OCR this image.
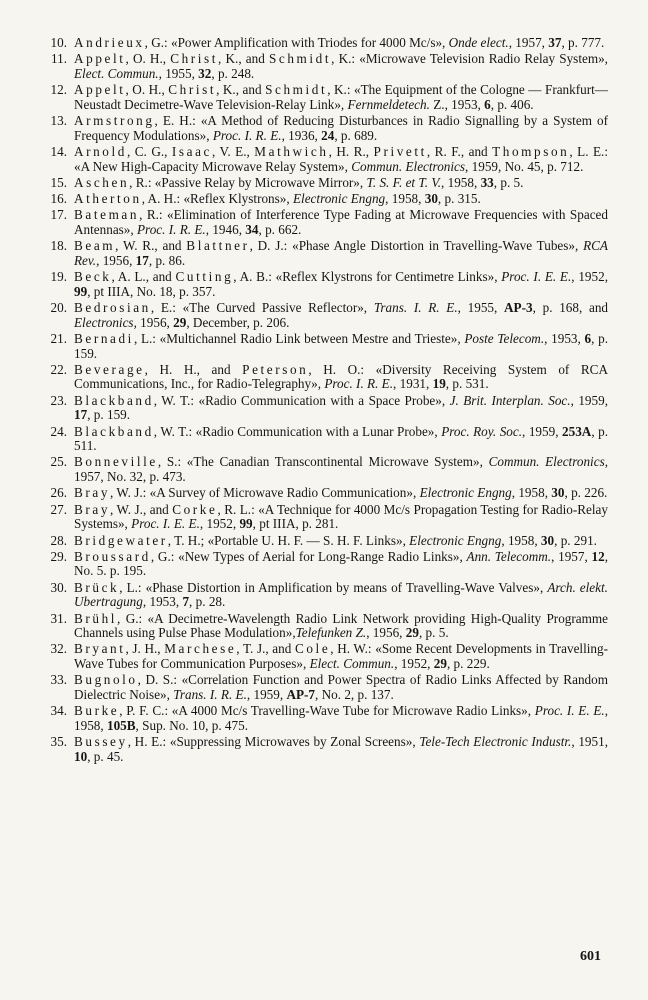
10. Andrieux, G.: «Power Amplification with Triodes for 4000 Mc/s», Onde elect., 1957, 37, p. 777.
11. Appelt, O. H., Christ, K., and Schmidt, K.: «Microwave Television Radio Relay System», Elect. Commun., 1955, 32, p. 248.
12. Appelt, O. H., Christ, K., and Schmidt, K.: «The Equipment of the Cologne — Frankfurt— Neustadt Decimetre-Wave Television-Relay Link», Fernmeldetech. Z., 1953, 6, p. 406.
13. Armstrong, E. H.: «A Method of Reducing Disturbances in Radio Signalling by a System of Frequency Modulations», Proc. I. R. E., 1936, 24, p. 689.
14. Arnold, C. G., Isaac, V. E., Mathwich, H. R., Privett, R. F., and Thompson, L. E.: «A New High-Capacity Microwave Relay System», Commun. Electronics, 1959, No. 45, p. 712.
15. Aschen, R.: «Passive Relay by Microwave Mirror», T. S. F. et T. V., 1958, 33, p. 5.
16. Atherton, A. H.: «Reflex Klystrons», Electronic Engng, 1958, 30, p. 315.
17. Bateman, R.: «Elimination of Interference Type Fading at Microwave Frequencies with Spaced Antennas», Proc. I. R. E., 1946, 34, p. 662.
18. Beam, W. R., and Blattner, D. J.: «Phase Angle Distortion in Travelling-Wave Tubes», RCA Rev., 1956, 17, p. 86.
19. Beck, A. L., and Cutting, A. B.: «Reflex Klystrons for Centimetre Links», Proc. I. E. E., 1952, 99, pt IIIA, No. 18, p. 357.
20. Bedrosian, E.: «The Curved Passive Reflector», Trans. I. R. E., 1955, AP-3, p. 168, and Electronics, 1956, 29, December, p. 206.
21. Bernadi, L.: «Multichannel Radio Link between Mestre and Trieste», Poste Telecom., 1953, 6, p. 159.
22. Beverage, H. H., and Peterson, H. O.: «Diversity Receiving System of RCA Communications, Inc., for Radio-Telegraphy», Proc. I. R. E., 1931, 19, p. 531.
23. Blackband, W. T.: «Radio Communication with a Space Probe», J. Brit. Interplan. Soc., 1959, 17, p. 159.
24. Blackband, W. T.: «Radio Communication with a Lunar Probe», Proc. Roy. Soc., 1959, 253A, p. 511.
25. Bonneville, S.: «The Canadian Transcontinental Microwave System», Commun. Electronics, 1957, No. 32, p. 473.
26. Bray, W. J.: «A Survey of Microwave Radio Communication», Electronic Engng, 1958, 30, p. 226.
27. Bray, W. J., and Corke, R. L.: «A Technique for 4000 Mc/s Propagation Testing for Radio-Relay Systems», Proc. I. E. E., 1952, 99, pt IIIA, p. 281.
28. Bridgewater, T. H.; «Portable U. H. F. — S. H. F. Links», Electronic Engng, 1958, 30, p. 291.
29. Broussard, G.: «New Types of Aerial for Long-Range Radio Links», Ann. Telecomm., 1957, 12, No. 5. p. 195.
30. Brück, L.: «Phase Distortion in Amplification by means of Travelling-Wave Valves», Arch. elekt. Ubertragung, 1953, 7, p. 28.
31. Brühl, G.: «A Decimetre-Wavelength Radio Link Network providing High-Quality Programme Channels using Pulse Phase Modulation»,Telefunken Z., 1956, 29, p. 5.
32. Bryant, J. H., Marchese, T. J., and Cole, H. W.: «Some Recent Developments in Travelling-Wave Tubes for Communication Purposes», Elect. Commun., 1952, 29, p. 229.
33. Bugnolo, D. S.: «Correlation Function and Power Spectra of Radio Links Affected by Random Dielectric Noise», Trans. I. R. E., 1959, AP-7, No. 2, p. 137.
34. Burke, P. F. C.: «A 4000 Mc/s Travelling-Wave Tube for Microwave Radio Links», Proc. I. E. E., 1958, 105B, Sup. No. 10, p. 475.
35. Bussey, H. E.: «Suppressing Microwaves by Zonal Screens», Tele-Tech Electronic Industr., 1951, 10, p. 45.
601
